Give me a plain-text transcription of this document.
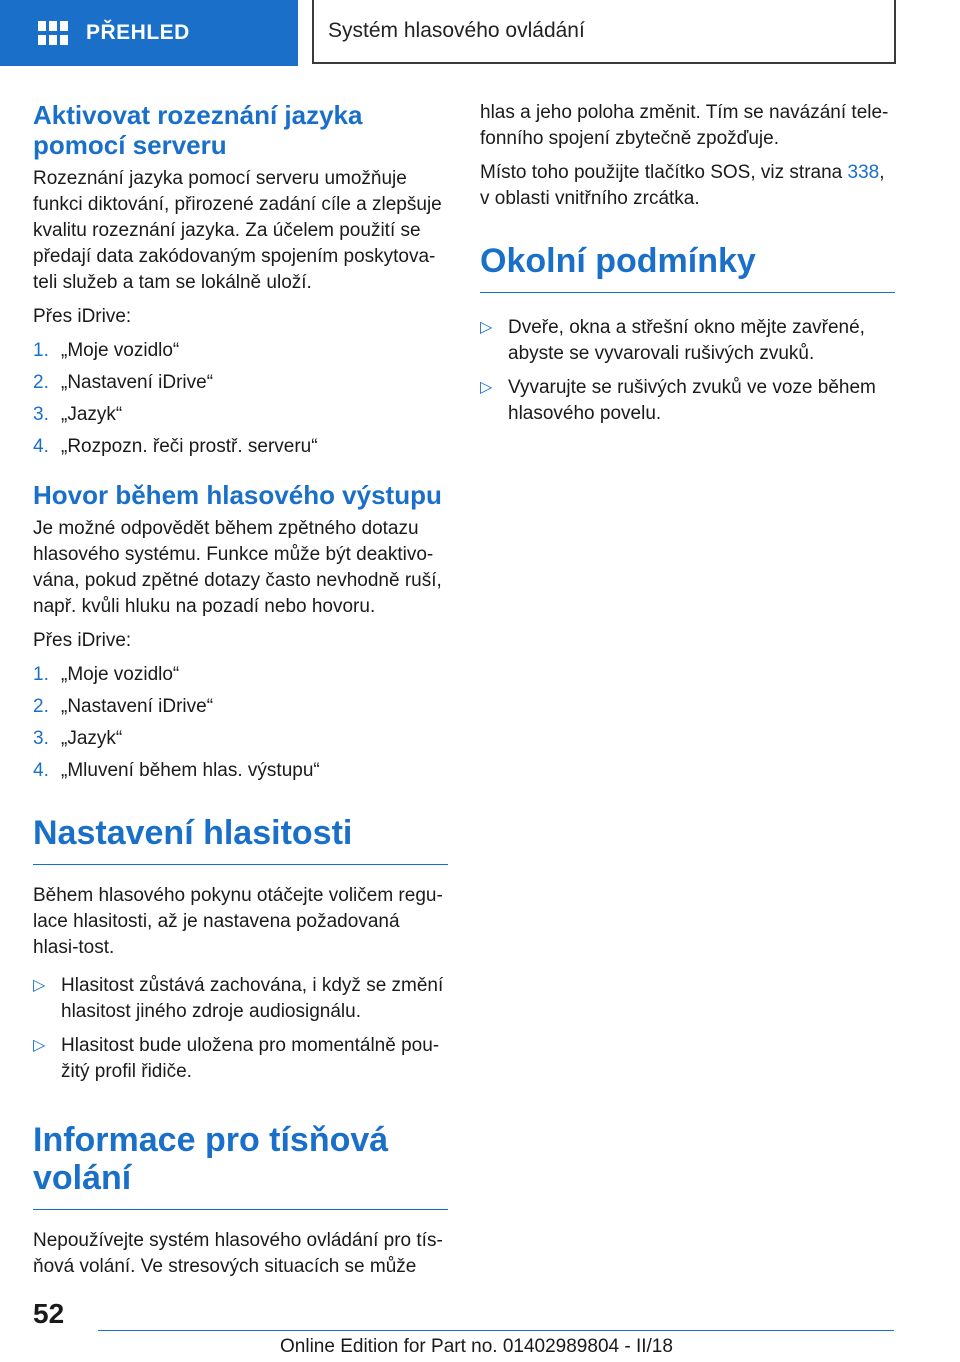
PŘEHLED	Systém hlasového ovládání
Aktivovat rozeznání jazyka
pomocí serveru

Rozeznání jazyka pomocí serveru umožňuje funkci diktování, přirozené zadání cíle a zlepšuje kvalitu rozeznání jazyka. Za účelem použití se předají data zakódovaným spojením poskytova-teli služeb a tam se lokálně uloží.

Přes iDrive:

1. „Moje vozidlo“
2. „Nastavení iDrive“
3. „Jazyk“
4. „Rozpozn. řeči prostř. serveru“
Hovor během hlasového výstupu

Je možné odpovědět během zpětného dotazu hlasového systému. Funkce může být deaktivo-vána, pokud zpětné dotazy často nevhodně ruší, např. kvůli hluku na pozadí nebo hovoru.

Přes iDrive:

1. „Moje vozidlo“
2. „Nastavení iDrive“
3. „Jazyk“
4. „Mluvení během hlas. výstupu“
Nastavení hlasitosti

Během hlasového pokynu otáčejte voličem regu-lace hlasitosti, až je nastavena požadovaná hlasi-tost.

▷ Hlasitost zůstává zachována, i když se změní hlasitost jiného zdroje audiosignálu.
▷ Hlasitost bude uložena pro momentálně pou-žitý profil řidiče.
Informace pro tísňová
volání

Nepoužívejte systém hlasového ovládání pro tís-ňová volání. Ve stresových situacích se může

hlas a jeho poloha změnit. Tím se navázání tele-fonního spojení zbytečně zpožďuje.

Místo toho použijte tlačítko SOS, viz strana 338,
v oblasti vnitřního zrcátka.

Okolní podmínky
▷ Dveře, okna a střešní okno mějte zavřené, abyste se vyvarovali rušivých zvuků.
▷ Vyvarujte se rušivých zvuků ve voze během hlasového povelu.
52
Online Edition for Part no. 01402989804 - II/18
